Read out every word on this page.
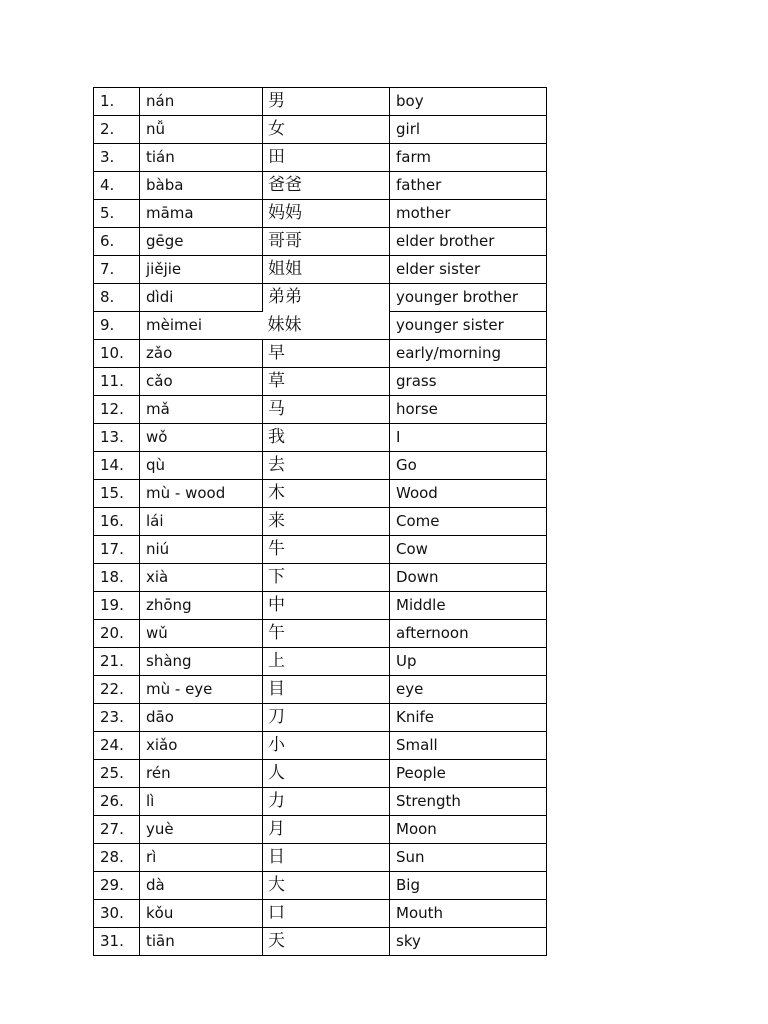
1.	nán	男	boy
2.	nǚ	女	girl
3.	tián	田	farm
4.	bàba	爸爸	father
5.	māma	妈妈	mother
6.	gēge	哥哥	elder brother
7.	jiějie	姐姐	elder sister
8.	dìdi	弟弟	younger brother
9.	mèimei	妹妹	younger sister
10.	zǎo	早	early/morning
11.	cǎo	草	grass
12.	mǎ	马	horse
13.	wǒ	我	I
14.	qù	去	Go
15.	mù - wood	木	Wood
16.	lái	来	Come
17.	niú	牛	Cow
18.	xià	下	Down
19.	zhōng	中	Middle
20.	wǔ	午	afternoon
21.	shàng	上	Up
22.	mù - eye	目	eye
23.	dāo	刀	Knife
24.	xiǎo	小	Small
25.	rén	人	People
26.	lì	力	Strength
27.	yuè	月	Moon
28.	rì	日	Sun
29.	dà	大	Big
30.	kǒu	口	Mouth
31.	tiān	天	sky
